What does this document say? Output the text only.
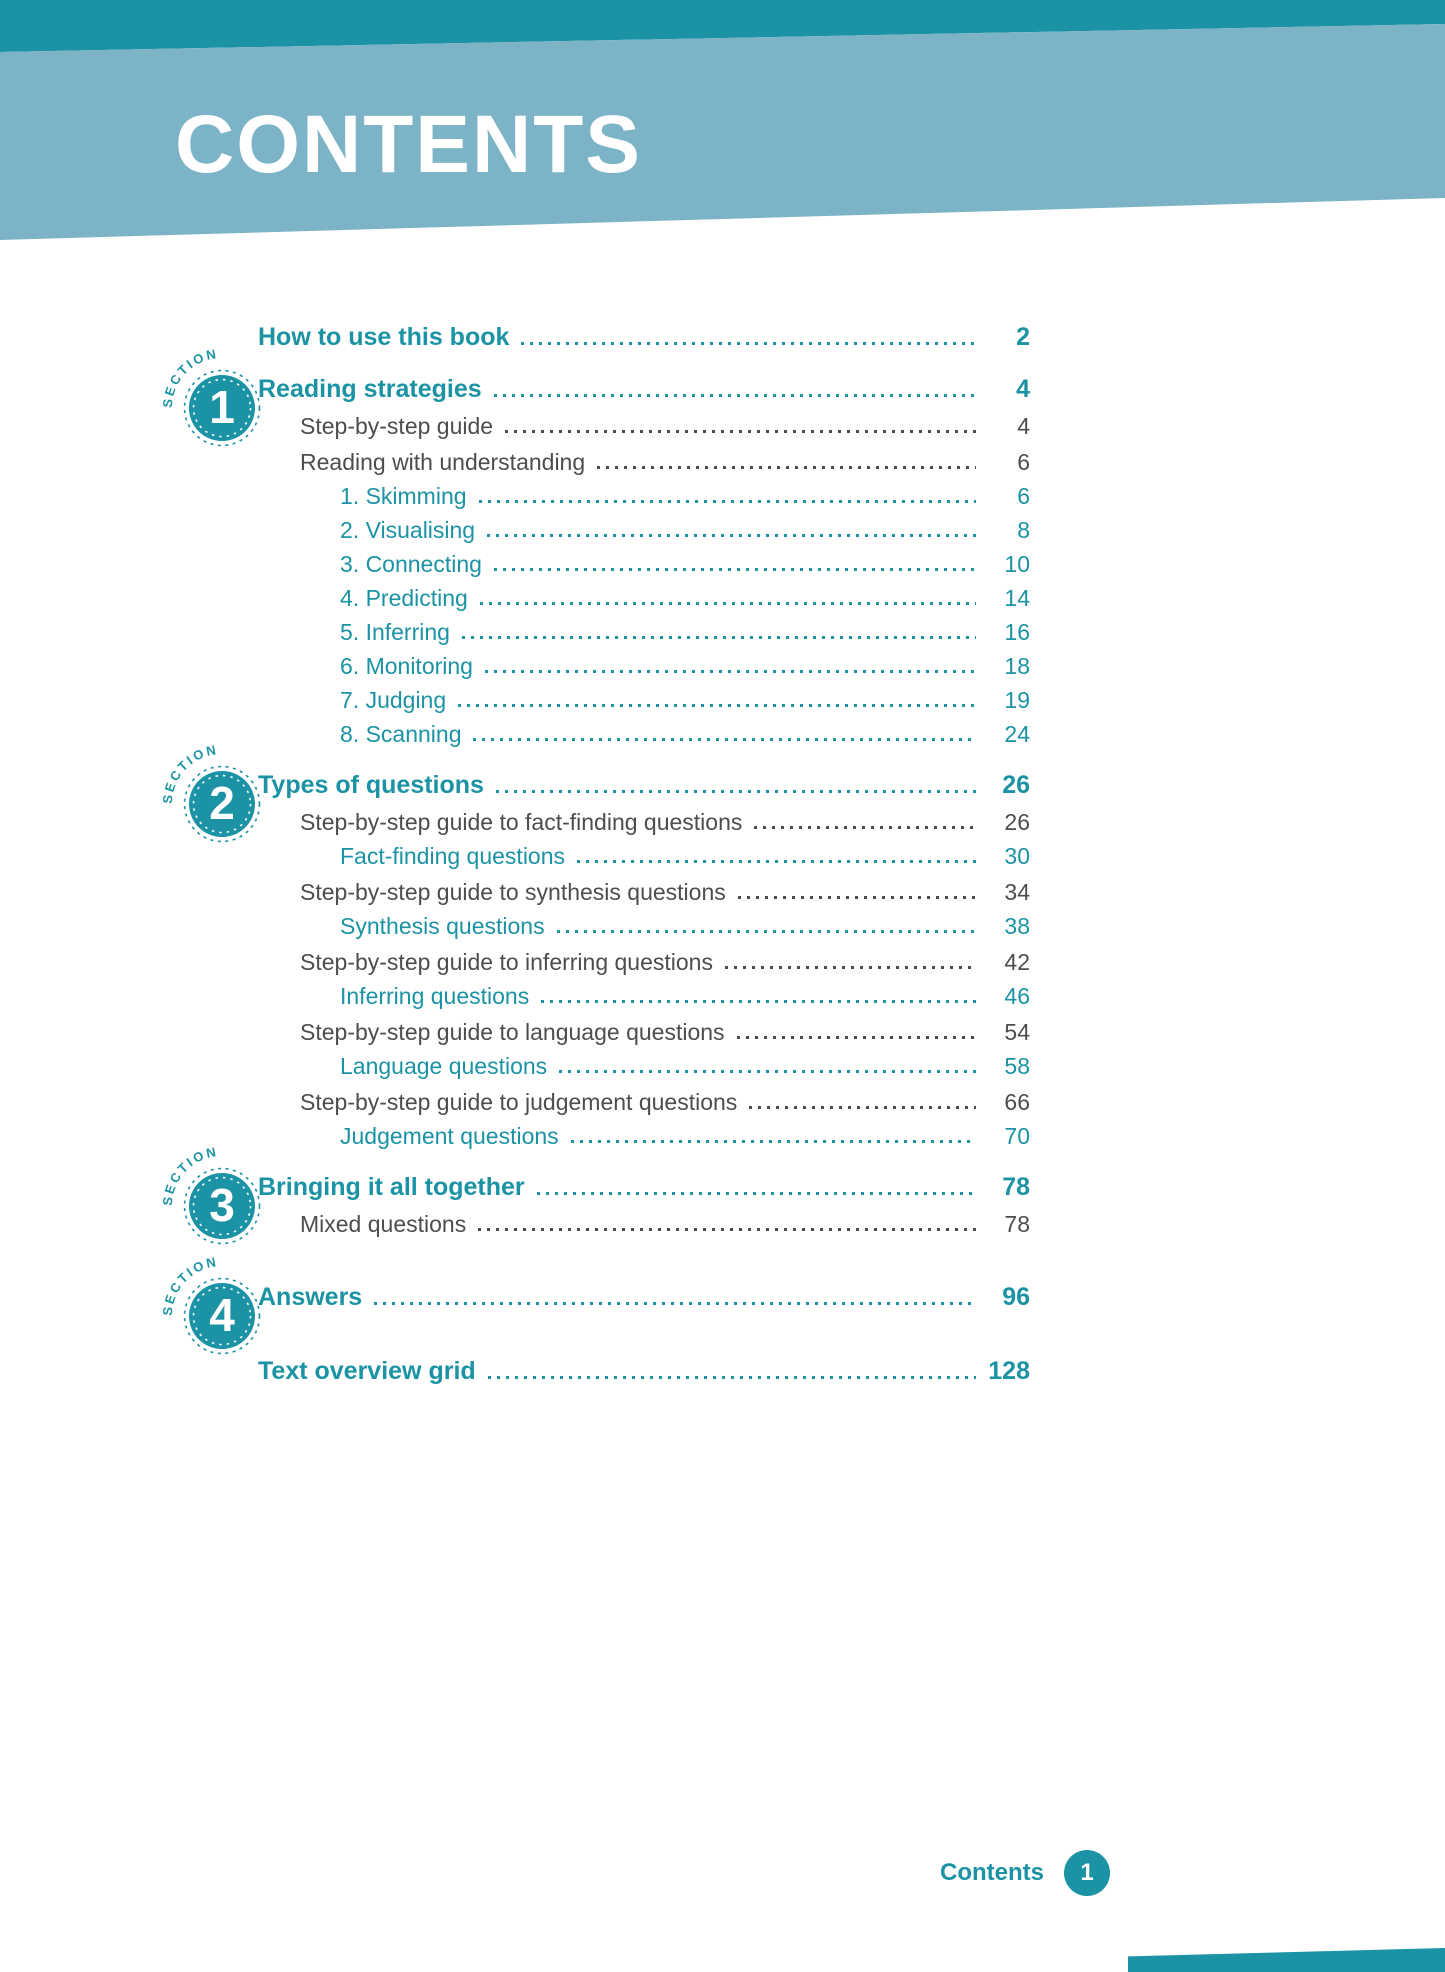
CONTENTS
How to use this book	2
SECTION
1 Reading strategies	4
Step-by-step guide	4
Reading with understanding	6
1. Skimming	6
2. Visualising	8
3. Connecting	10
4. Predicting	14
5. Inferring	16
6. Monitoring	18
7. Judging	19
8. Scanning	24
SECTION
2 Types of questions	26
Step-by-step guide to fact-finding questions	26
Fact-finding questions	30
Step-by-step guide to synthesis questions	34
Synthesis questions	38
Step-by-step guide to inferring questions	42
Inferring questions	46
Step-by-step guide to language questions	54
Language questions	58
Step-by-step guide to judgement questions	66
Judgement questions	70
SECTION
3 Bringing it all together	78
Mixed questions	78
SECTION
4 Answers	96
Text overview grid	128
Contents 1
